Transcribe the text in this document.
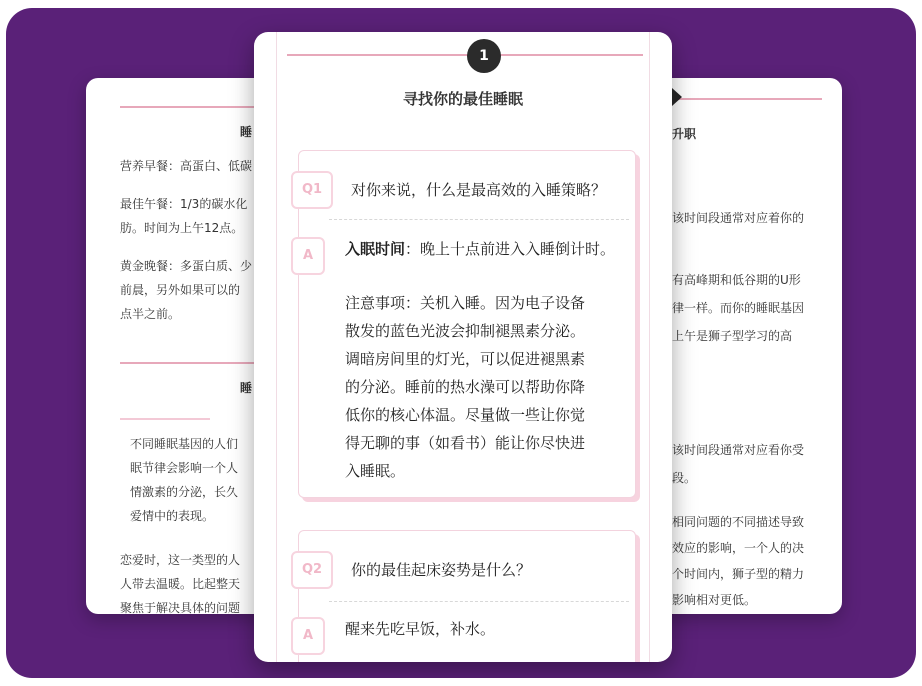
睡
营养早餐：高蛋白、低碳
最佳午餐：1/3的碳水化
肪。时间为上午12点。
黄金晚餐：多蛋白质、少
前晨，另外如果可以的
点半之前。
睡
不同睡眠基因的人们
眠节律会影响一个人
情激素的分泌，长久
爱情中的表现。
恋爱时，这一类型的人
人带去温暖。比起整天
聚焦于解决具体的问题
升职
该时间段通常对应着你的
有高峰期和低谷期的U形
律一样。而你的睡眠基因
上午是狮子型学习的高
该时间段通常对应看你受
段。
相同问题的不同描述导致
效应的影响，一个人的决
个时间内，狮子型的精力
影响相对更低。
1
寻找你的最佳睡眠
Q1	对你来说，什么是最高效的入睡策略？
A	入眠时间：晚上十点前进入入睡倒计时。
注意事项：关机入睡。因为电子设备
散发的蓝色光波会抑制褪黑素分泌。
调暗房间里的灯光，可以促进褪黑素
的分泌。睡前的热水澡可以帮助你降
低你的核心体温。尽量做一些让你觉
得无聊的事（如看书）能让你尽快进
入睡眠。
Q2	你的最佳起床姿势是什么？
A	醒来先吃早饭，补水。
